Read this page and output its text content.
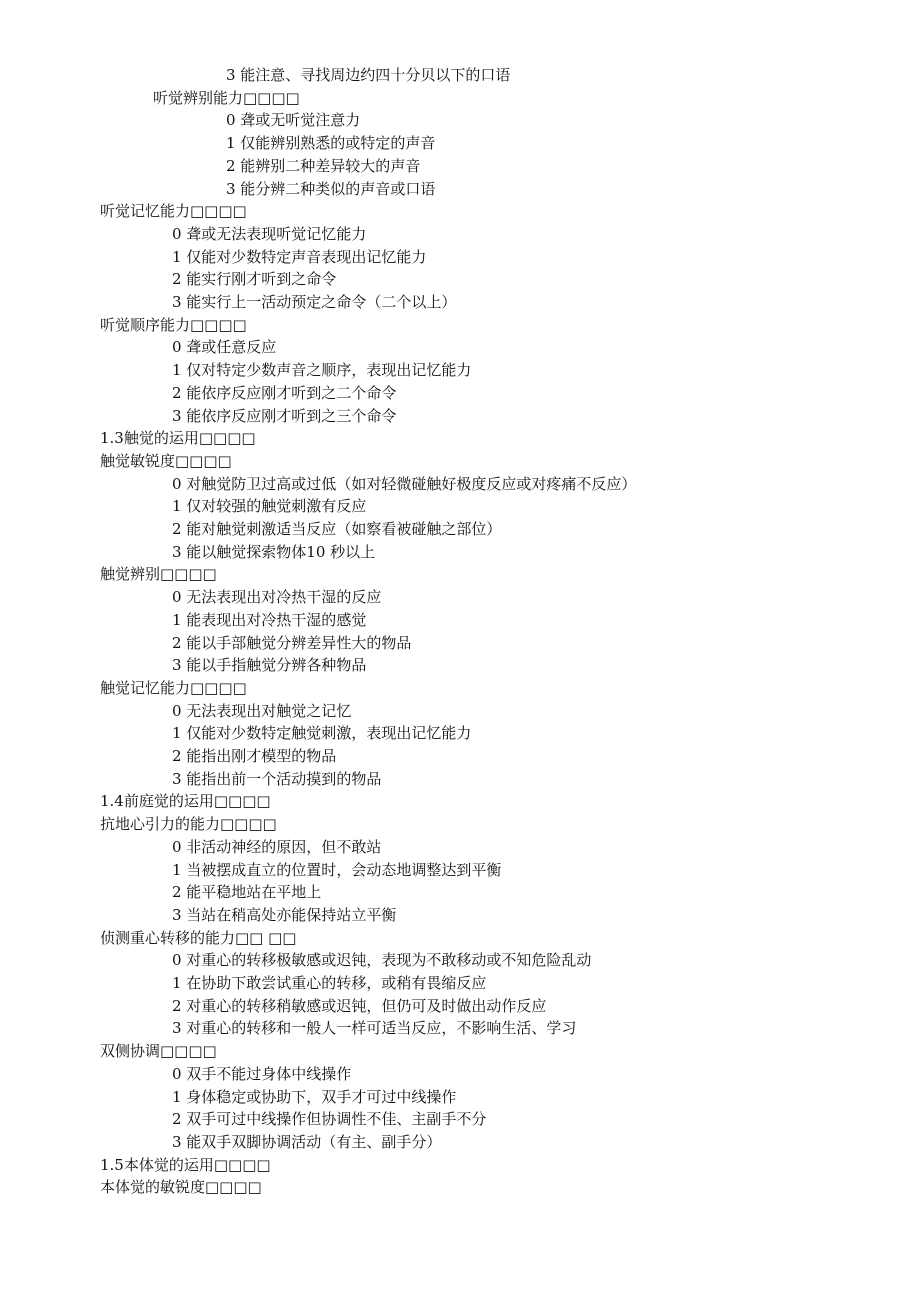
3 能注意、寻找周边约四十分贝以下的口语
听觉辨别能力□□□□
0 聋或无听觉注意力
1 仅能辨别熟悉的或特定的声音
2 能辨别二种差异较大的声音
3 能分辨二种类似的声音或口语
听觉记忆能力□□□□
0 聋或无法表现听觉记忆能力
1 仅能对少数特定声音表现出记忆能力
2 能实行刚才听到之命令
3 能实行上一活动预定之命令（二个以上）
听觉顺序能力□□□□
0 聋或任意反应
1 仅对特定少数声音之顺序，表现出记忆能力
2 能依序反应刚才听到之二个命令
3 能依序反应刚才听到之三个命令
1.3触觉的运用□□□□
触觉敏锐度□□□□
0 对触觉防卫过高或过低（如对轻微碰触好极度反应或对疼痛不反应）
1 仅对较强的触觉刺激有反应
2 能对触觉刺激适当反应（如察看被碰触之部位）
3 能以触觉探索物体10 秒以上
触觉辨别□□□□
0 无法表现出对冷热干湿的反应
1 能表现出对冷热干湿的感觉
2 能以手部触觉分辨差异性大的物品
3 能以手指触觉分辨各种物品
触觉记忆能力□□□□
0 无法表现出对触觉之记忆
1 仅能对少数特定触觉刺激，表现出记忆能力
2 能指出刚才模型的物品
3 能指出前一个活动摸到的物品
1.4前庭觉的运用□□□□
抗地心引力的能力□□□□
0 非活动神经的原因，但不敢站
1 当被摆成直立的位置时，会动态地调整达到平衡
2 能平稳地站在平地上
3 当站在稍高处亦能保持站立平衡
侦测重心转移的能力□□ □□
0 对重心的转移极敏感或迟钝，表现为不敢移动或不知危险乱动
1 在协助下敢尝试重心的转移，或稍有畏缩反应
2 对重心的转移稍敏感或迟钝，但仍可及时做出动作反应
3 对重心的转移和一般人一样可适当反应，不影响生活、学习
双侧协调□□□□
0 双手不能过身体中线操作
1 身体稳定或协助下，双手才可过中线操作
2 双手可过中线操作但协调性不佳、主副手不分
3 能双手双脚协调活动（有主、副手分）
1.5本体觉的运用□□□□
本体觉的敏锐度□□□□
